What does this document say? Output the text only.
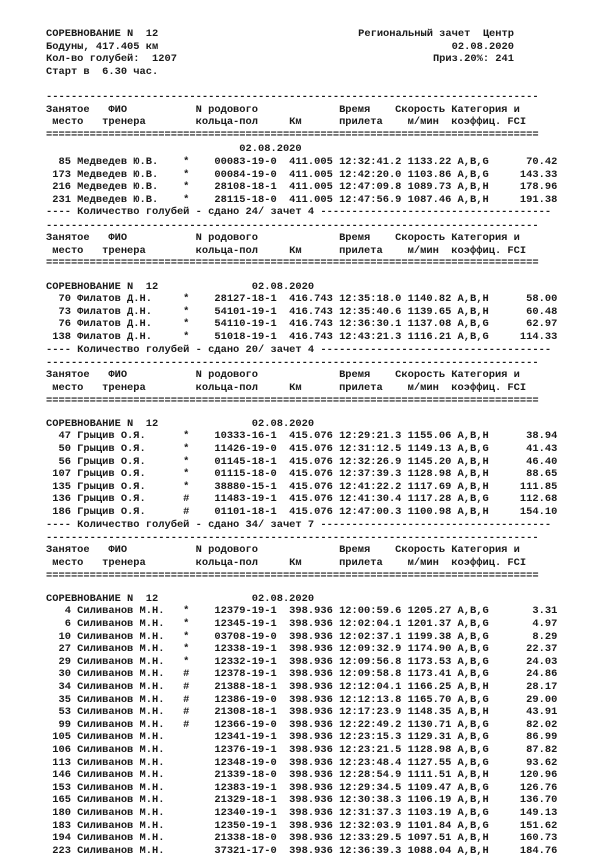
СОРЕВНОВАНИЕ N  12	Региональный зачет  Центр
Бодуны, 417.405 км	02.08.2020
Кол-во голубей:  1207	Приз.20%: 241
Старт в  6.30 час.
-------------------------------------------------------------------------------
Занятое   ФИО           N родового             Время    Скорость Категория и
место   тренера        кольца-пол     Км      прилета    м/мин  коэффиц. FCI
===============================================================================
02.08.2020
85 Медведев Ю.В.    *    00083-19-0  411.005 12:32:41.2 1133.22 A,B,G      70.42
173 Медведев Ю.В.    *    00084-19-0  411.005 12:42:20.0 1103.86 A,B,G     143.33
216 Медведев Ю.В.    *    28108-18-1  411.005 12:47:09.8 1089.73 A,B,H     178.96
231 Медведев Ю.В.    *    28115-18-0  411.005 12:47:56.9 1087.46 A,B,H     191.38
---- Количество голубей - сдано 24/ зачет 4 -------------------------------------
-------------------------------------------------------------------------------
Занятое   ФИО           N родового             Время    Скорость Категория и
место   тренера        кольца-пол     Км      прилета    м/мин  коэффиц. FCI
===============================================================================
СОРЕВНОВАНИЕ N  12               02.08.2020
70 Филатов Д.Н.     *    28127-18-1  416.743 12:35:18.0 1140.82 A,B,H      58.00
73 Филатов Д.Н.     *    54101-19-1  416.743 12:35:40.6 1139.65 A,B,H      60.48
76 Филатов Д.Н.     *    54110-19-1  416.743 12:36:30.1 1137.08 A,B,G      62.97
138 Филатов Д.Н.     *    51018-19-1  416.743 12:43:21.3 1116.21 A,B,G     114.33
---- Количество голубей - сдано 20/ зачет 4 -------------------------------------
-------------------------------------------------------------------------------
Занятое   ФИО           N родового             Время    Скорость Категория и
место   тренера        кольца-пол     Км      прилета    м/мин  коэффиц. FCI
===============================================================================
СОРЕВНОВАНИЕ N  12               02.08.2020
47 Грыцив О.Я.      *    10333-16-1  415.076 12:29:21.3 1155.06 A,B,H      38.94
50 Грыцив О.Я.      *    11426-19-0  415.076 12:31:12.5 1149.13 A,B,G      41.43
56 Грыцив О.Я.      *    01145-18-1  415.076 12:32:26.9 1145.20 A,B,H      46.40
107 Грыцив О.Я.      *    01115-18-0  415.076 12:37:39.3 1128.98 A,B,H      88.65
135 Грыцив О.Я.      *    38880-15-1  415.076 12:41:22.2 1117.69 A,B,H     111.85
136 Грыцив О.Я.      #    11483-19-1  415.076 12:41:30.4 1117.28 A,B,G     112.68
186 Грыцив О.Я.      #    01101-18-1  415.076 12:47:00.3 1100.98 A,B,H     154.10
---- Количество голубей - сдано 34/ зачет 7 -------------------------------------
-------------------------------------------------------------------------------
Занятое   ФИО           N родового             Время    Скорость Категория и
место   тренера        кольца-пол     Км      прилета    м/мин  коэффиц. FCI
===============================================================================
СОРЕВНОВАНИЕ N  12               02.08.2020
4 Силиванов М.Н.   *    12379-19-1  398.936 12:00:59.6 1205.27 A,B,G       3.31
6 Силиванов М.Н.   *    12345-19-1  398.936 12:02:04.1 1201.37 A,B,G       4.97
10 Силиванов М.Н.   *    03708-19-0  398.936 12:02:37.1 1199.38 A,B,G       8.29
27 Силиванов М.Н.   *    12338-19-1  398.936 12:09:32.9 1174.90 A,B,G      22.37
29 Силиванов М.Н.   *    12332-19-1  398.936 12:09:56.8 1173.53 A,B,G      24.03
30 Силиванов М.Н.   #    12378-19-1  398.936 12:09:58.8 1173.41 A,B,G      24.86
34 Силиванов М.Н.   #    21388-18-1  398.936 12:12:04.1 1166.25 A,B,H      28.17
35 Силиванов М.Н.   #    12386-19-0  398.936 12:12:13.8 1165.70 A,B,G      29.00
53 Силиванов М.Н.   #    21308-18-1  398.936 12:17:23.9 1148.35 A,B,H      43.91
99 Силиванов М.Н.   #    12366-19-0  398.936 12:22:49.2 1130.71 A,B,G      82.02
105 Силиванов М.Н.        12341-19-1  398.936 12:23:15.3 1129.31 A,B,G      86.99
106 Силиванов М.Н.        12376-19-1  398.936 12:23:21.5 1128.98 A,B,G      87.82
113 Силиванов М.Н.        12348-19-0  398.936 12:23:48.4 1127.55 A,B,G      93.62
146 Силиванов М.Н.        21339-18-0  398.936 12:28:54.9 1111.51 A,B,H     120.96
153 Силиванов М.Н.        12383-19-1  398.936 12:29:34.5 1109.47 A,B,G     126.76
165 Силиванов М.Н.        21329-18-1  398.936 12:30:38.3 1106.19 A,B,H     136.70
180 Силиванов М.Н.        12340-19-1  398.936 12:31:37.3 1103.19 A,B,G     149.13
183 Силиванов М.Н.        12350-19-1  398.936 12:32:03.9 1101.84 A,B,G     151.62
194 Силиванов М.Н.        21338-18-0  398.936 12:33:29.5 1097.51 A,B,H     160.73
223 Силиванов М.Н.        37321-17-0  398.936 12:36:39.3 1088.04 A,B,H     184.76
